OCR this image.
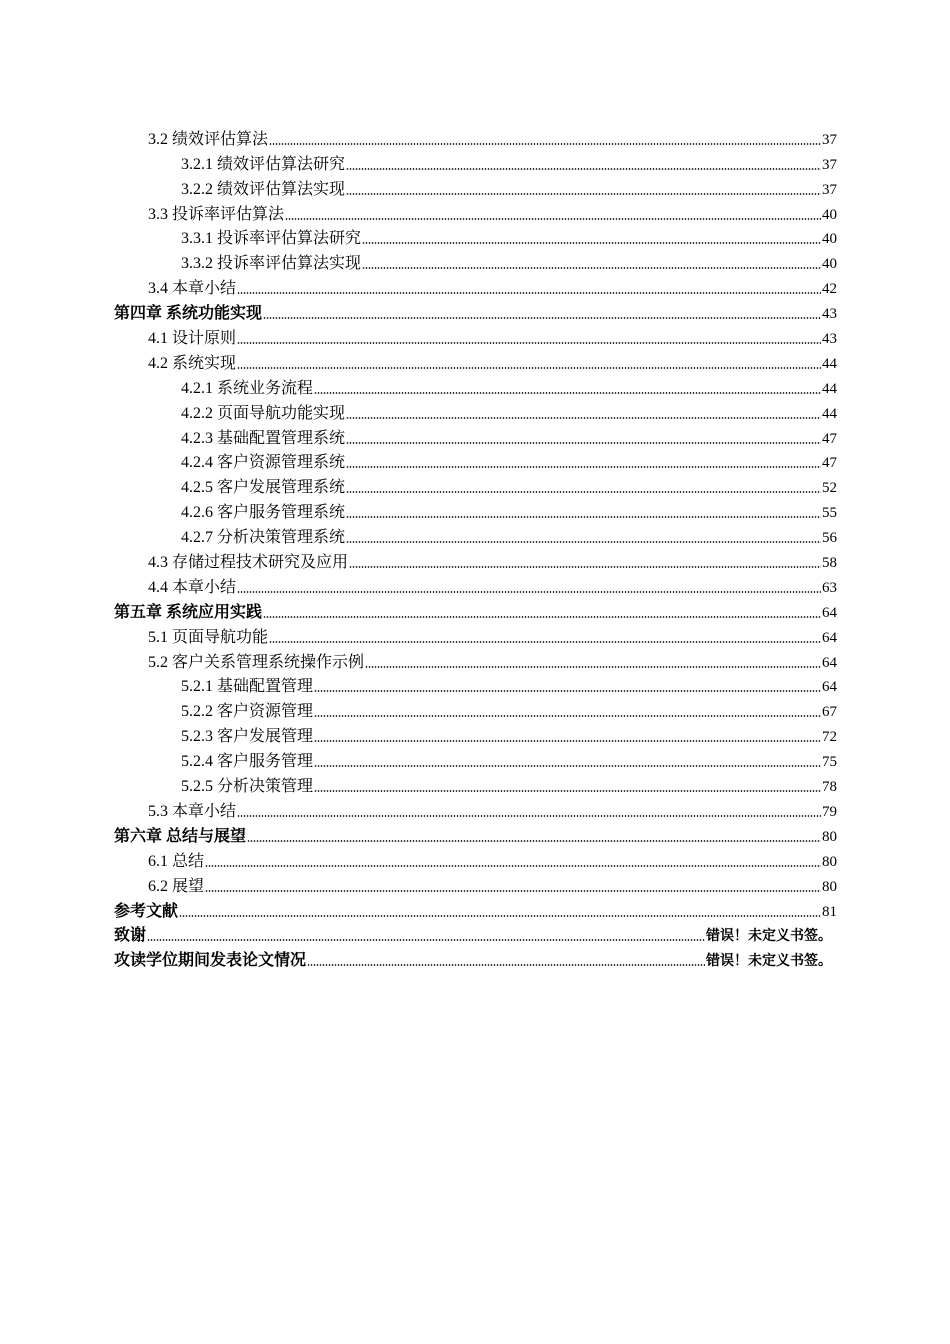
3.2 绩效评估算法	37
3.2.1 绩效评估算法研究	37
3.2.2 绩效评估算法实现	37
3.3 投诉率评估算法	40
3.3.1 投诉率评估算法研究	40
3.3.2 投诉率评估算法实现	40
3.4 本章小结	42
第四章 系统功能实现	43
4.1 设计原则	43
4.2 系统实现	44
4.2.1 系统业务流程	44
4.2.2 页面导航功能实现	44
4.2.3 基础配置管理系统	47
4.2.4 客户资源管理系统	47
4.2.5 客户发展管理系统	52
4.2.6 客户服务管理系统	55
4.2.7 分析决策管理系统	56
4.3 存储过程技术研究及应用	58
4.4 本章小结	63
第五章 系统应用实践	64
5.1 页面导航功能	64
5.2 客户关系管理系统操作示例	64
5.2.1 基础配置管理	64
5.2.2 客户资源管理	67
5.2.3 客户发展管理	72
5.2.4 客户服务管理	75
5.2.5 分析决策管理	78
5.3 本章小结	79
第六章 总结与展望	80
6.1 总结	80
6.2 展望	80
参考文献	81
致谢	错误！未定义书签。
攻读学位期间发表论文情况	错误！未定义书签。
